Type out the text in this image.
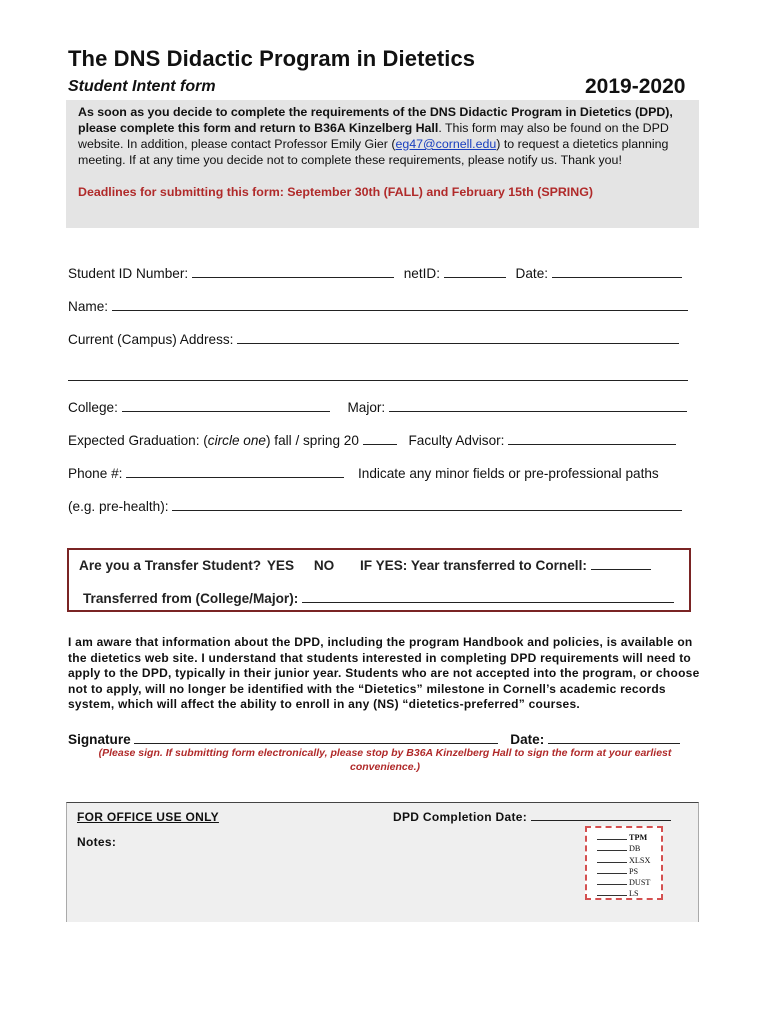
The DNS Didactic Program in Dietetics
Student Intent form	2019-2020

As soon as you decide to complete the requirements of the DNS Didactic Program in Dietetics (DPD), please complete this form and return to B36A Kinzelberg Hall. This form may also be found on the DPD website. In addition, please contact Professor Emily Gier (eg47@cornell.edu) to request a dietetics planning meeting. If at any time you decide not to complete these requirements, please notify us. Thank you!

Deadlines for submitting this form: September 30th (FALL) and February 15th (SPRING)

Student ID Number:	netID:	Date:
Name:
Current (Campus) Address:
College:	Major:
Expected Graduation: (circle one) fall / spring 20	Faculty Advisor:
Phone #:	Indicate any minor fields or pre-professional paths
(e.g. pre-health):
Are you a Transfer Student? YES NO IF YES: Year transferred to Cornell:
Transferred from (College/Major):

I am aware that information about the DPD, including the program Handbook and policies, is available on the dietetics web site. I understand that students interested in completing DPD requirements will need to apply to the DPD, typically in their junior year. Students who are not accepted into the program, or choose not to apply, will no longer be identified with the “Dietetics” milestone in Cornell’s academic records system, which will affect the ability to enroll in any (NS) “dietetics-preferred” courses.

Signature	Date:
(Please sign. If submitting form electronically, please stop by B36A Kinzelberg Hall to sign the form at your earliest convenience.)
FOR OFFICE USE ONLY	DPD Completion Date:
Notes:	TPM
DB
XLSX
PS
DUST
LS
